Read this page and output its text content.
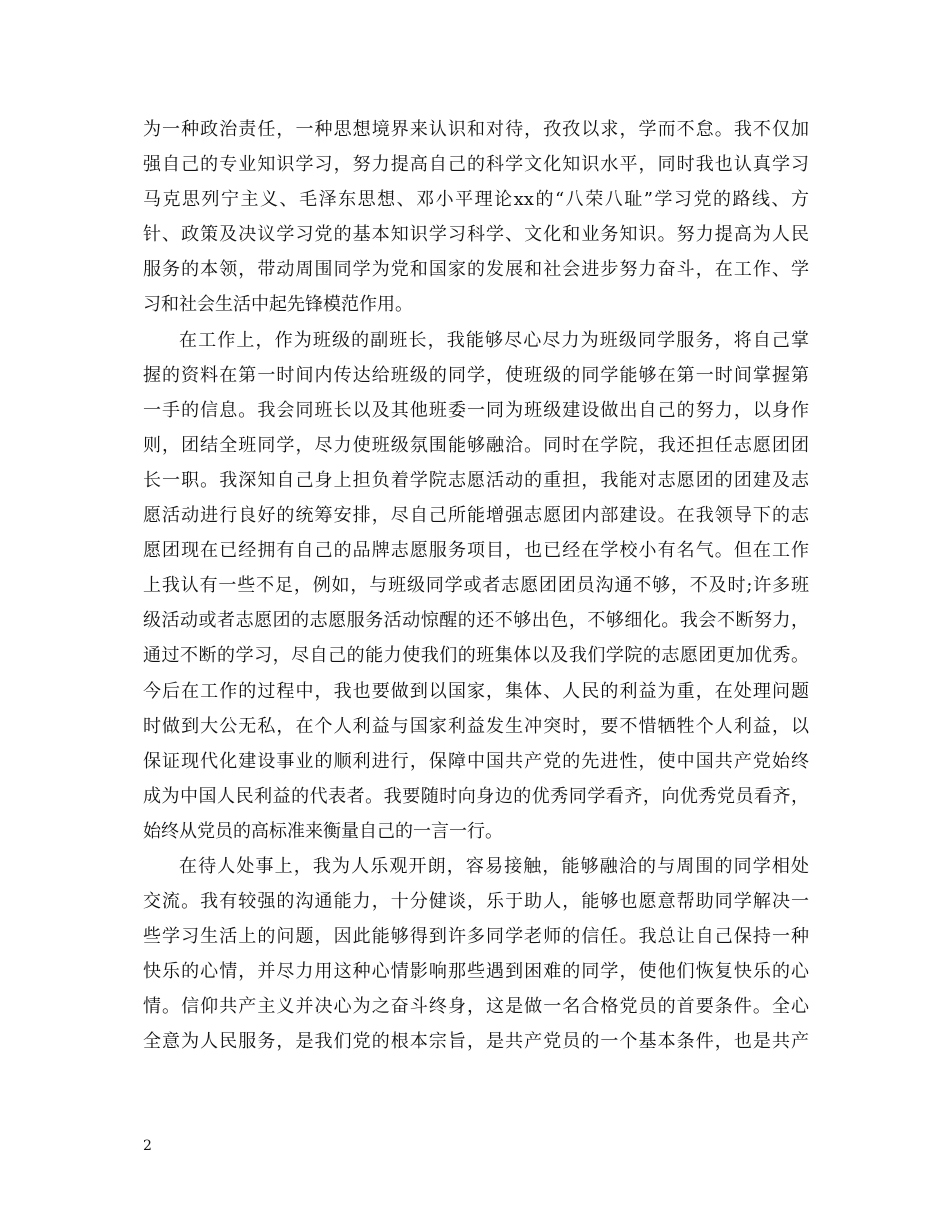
为一种政治责任，一种思想境界来认识和对待，孜孜以求，学而不怠。我不仅加
强自己的专业知识学习，努力提高自己的科学文化知识水平，同时我也认真学习
马克思列宁主义、毛泽东思想、邓小平理论xx的“八荣八耻”学习党的路线、方
针、政策及决议学习党的基本知识学习科学、文化和业务知识。努力提高为人民
服务的本领，带动周围同学为党和国家的发展和社会进步努力奋斗，在工作、学
习和社会生活中起先锋模范作用。
在工作上，作为班级的副班长，我能够尽心尽力为班级同学服务，将自己掌
握的资料在第一时间内传达给班级的同学，使班级的同学能够在第一时间掌握第
一手的信息。我会同班长以及其他班委一同为班级建设做出自己的努力，以身作
则，团结全班同学，尽力使班级氛围能够融洽。同时在学院，我还担任志愿团团
长一职。我深知自己身上担负着学院志愿活动的重担，我能对志愿团的团建及志
愿活动进行良好的统筹安排，尽自己所能增强志愿团内部建设。在我领导下的志
愿团现在已经拥有自己的品牌志愿服务项目，也已经在学校小有名气。但在工作
上我认有一些不足，例如，与班级同学或者志愿团团员沟通不够，不及时;许多班
级活动或者志愿团的志愿服务活动惊醒的还不够出色，不够细化。我会不断努力，
通过不断的学习，尽自己的能力使我们的班集体以及我们学院的志愿团更加优秀。
今后在工作的过程中，我也要做到以国家，集体、人民的利益为重，在处理问题
时做到大公无私，在个人利益与国家利益发生冲突时，要不惜牺牲个人利益，以
保证现代化建设事业的顺利进行，保障中国共产党的先进性，使中国共产党始终
成为中国人民利益的代表者。我要随时向身边的优秀同学看齐，向优秀党员看齐，
始终从党员的高标准来衡量自己的一言一行。
在待人处事上，我为人乐观开朗，容易接触，能够融洽的与周围的同学相处
交流。我有较强的沟通能力，十分健谈，乐于助人，能够也愿意帮助同学解决一
些学习生活上的问题，因此能够得到许多同学老师的信任。我总让自己保持一种
快乐的心情，并尽力用这种心情影响那些遇到困难的同学，使他们恢复快乐的心
情。信仰共产主义并决心为之奋斗终身，这是做一名合格党员的首要条件。全心
全意为人民服务，是我们党的根本宗旨，是共产党员的一个基本条件，也是共产
2
